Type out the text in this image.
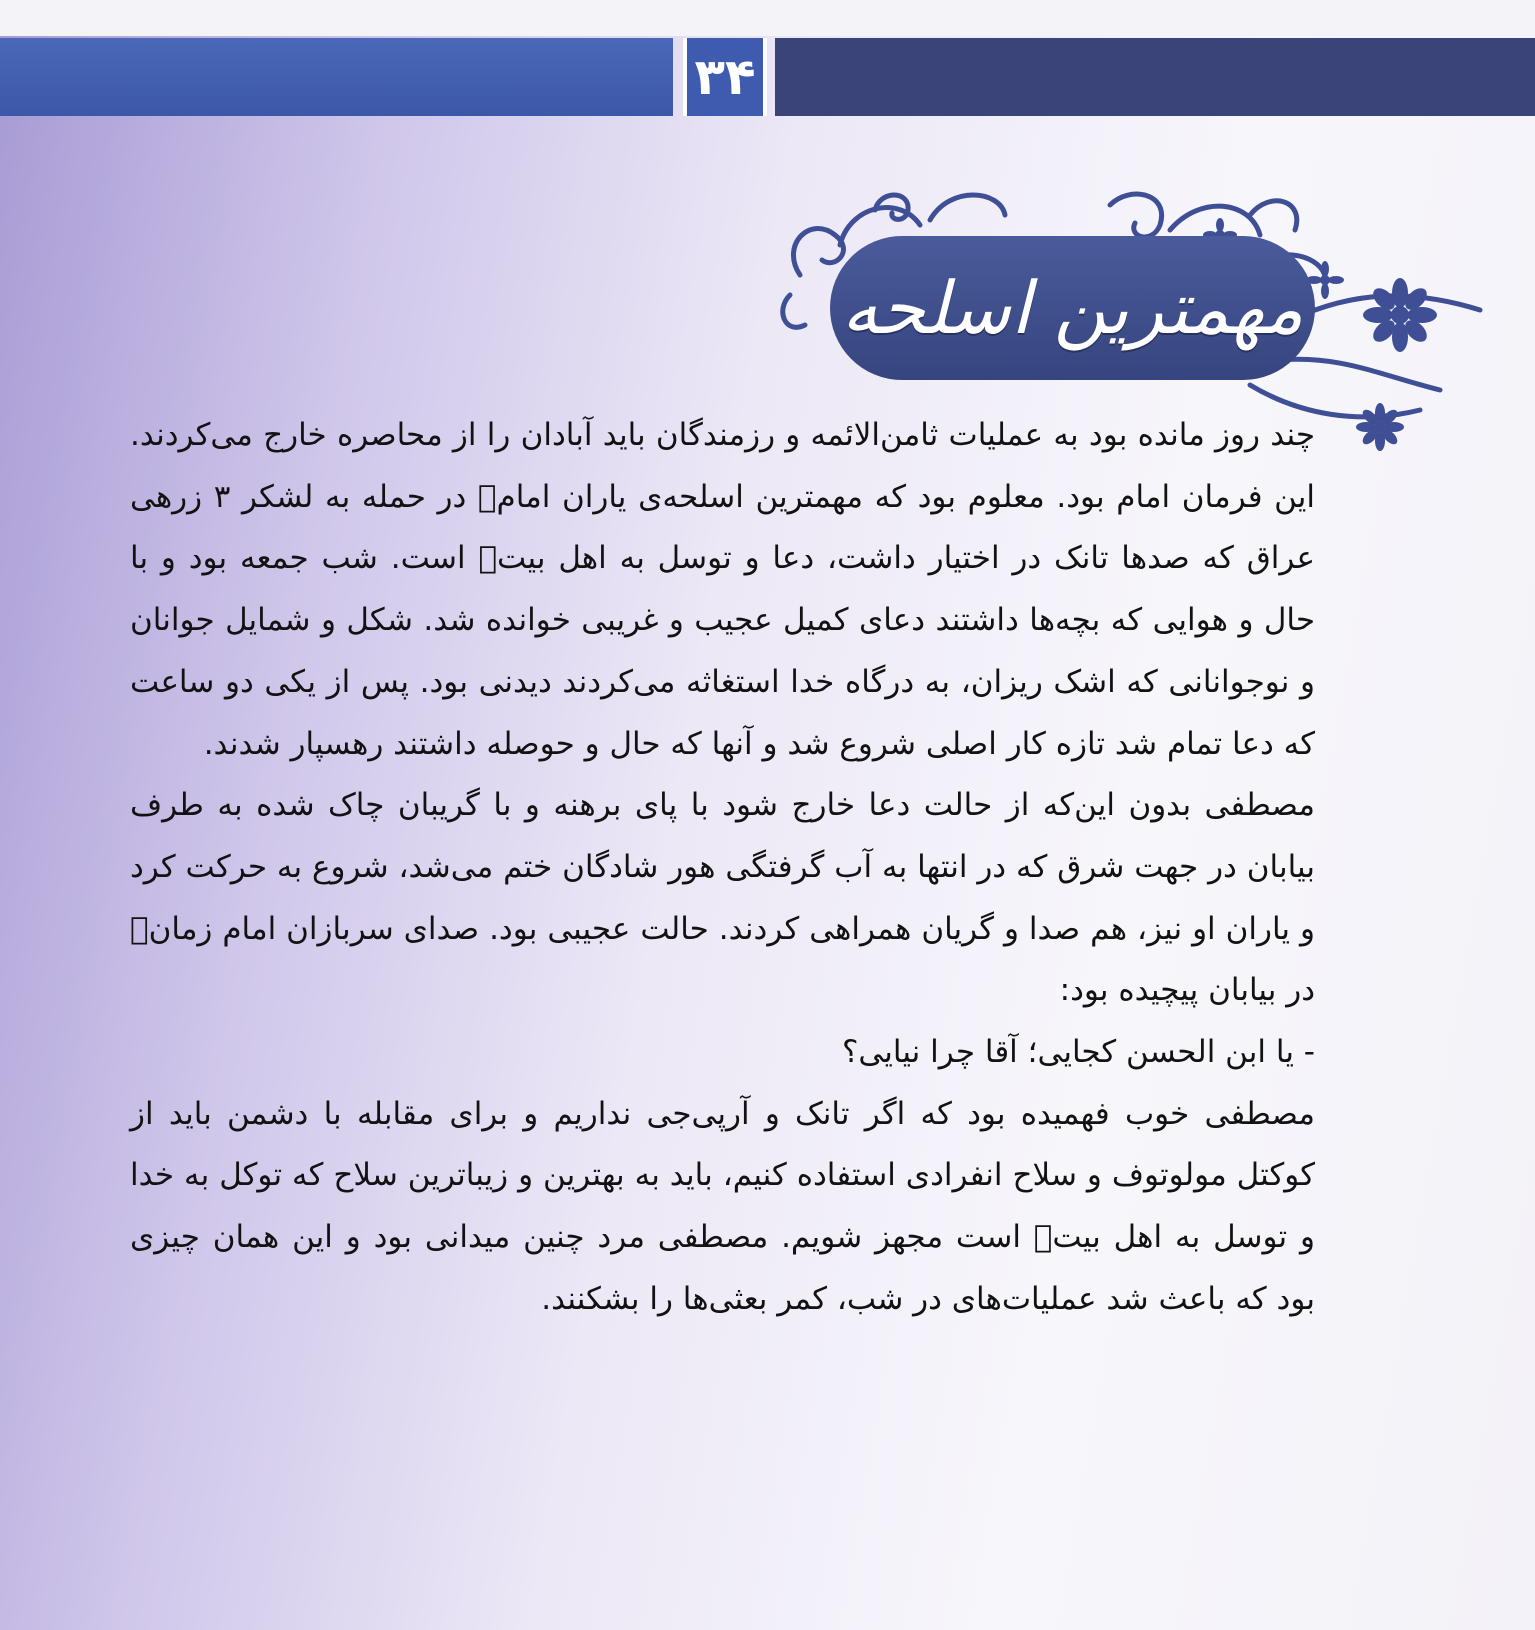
۳۴
مهمترین اسلحه

چند روز مانده بود به عملیات ثامن‌الائمه و رزمندگان باید آبادان را از محاصره خارج می‌کردند. این فرمان امام بود. معلوم بود که مهمترین اسلحه‌ی یاران امام﷫ در حمله به لشکر ۳ زرهی عراق که صدها تانک در اختیار داشت، دعا و توسل به اهل بیت﷩ است. شب جمعه بود و با حال و هوایی که بچه‌ها داشتند دعای کمیل عجیب و غریبی خوانده شد. شکل و شمایل جوانان و نوجوانانی که اشک ریزان، به درگاه خدا استغاثه می‌کردند دیدنی بود. پس از یکی دو ساعت که دعا تمام شد تازه کار اصلی شروع شد و آنها که حال و حوصله داشتند رهسپار شدند.

مصطفی بدون این‌که از حالت دعا خارج شود با پای برهنه و با گریبان چاک شده به طرف بیابان در جهت شرق که در انتها به آب گرفتگی هور شادگان ختم می‌شد، شروع به حرکت کرد و یاران او نیز، هم صدا و گریان همراهی کردند. حالت عجیبی بود. صدای سربازان امام زمان﷣ در بیابان پیچیده بود:

- یا ابن الحسن کجایی؛ آقا چرا نیایی؟

مصطفی خوب فهمیده بود که اگر تانک و آرپی‌جی نداریم و برای مقابله با دشمن باید از کوکتل مولوتوف و سلاح انفرادی استفاده کنیم، باید به بهترین و زیباترین سلاح که توکل به خدا و توسل به اهل بیت﷩ است مجهز شویم. مصطفی مرد چنین میدانی بود و این همان چیزی بود که باعث شد عملیات‌های در شب، کمر بعثی‌ها را بشکنند.
